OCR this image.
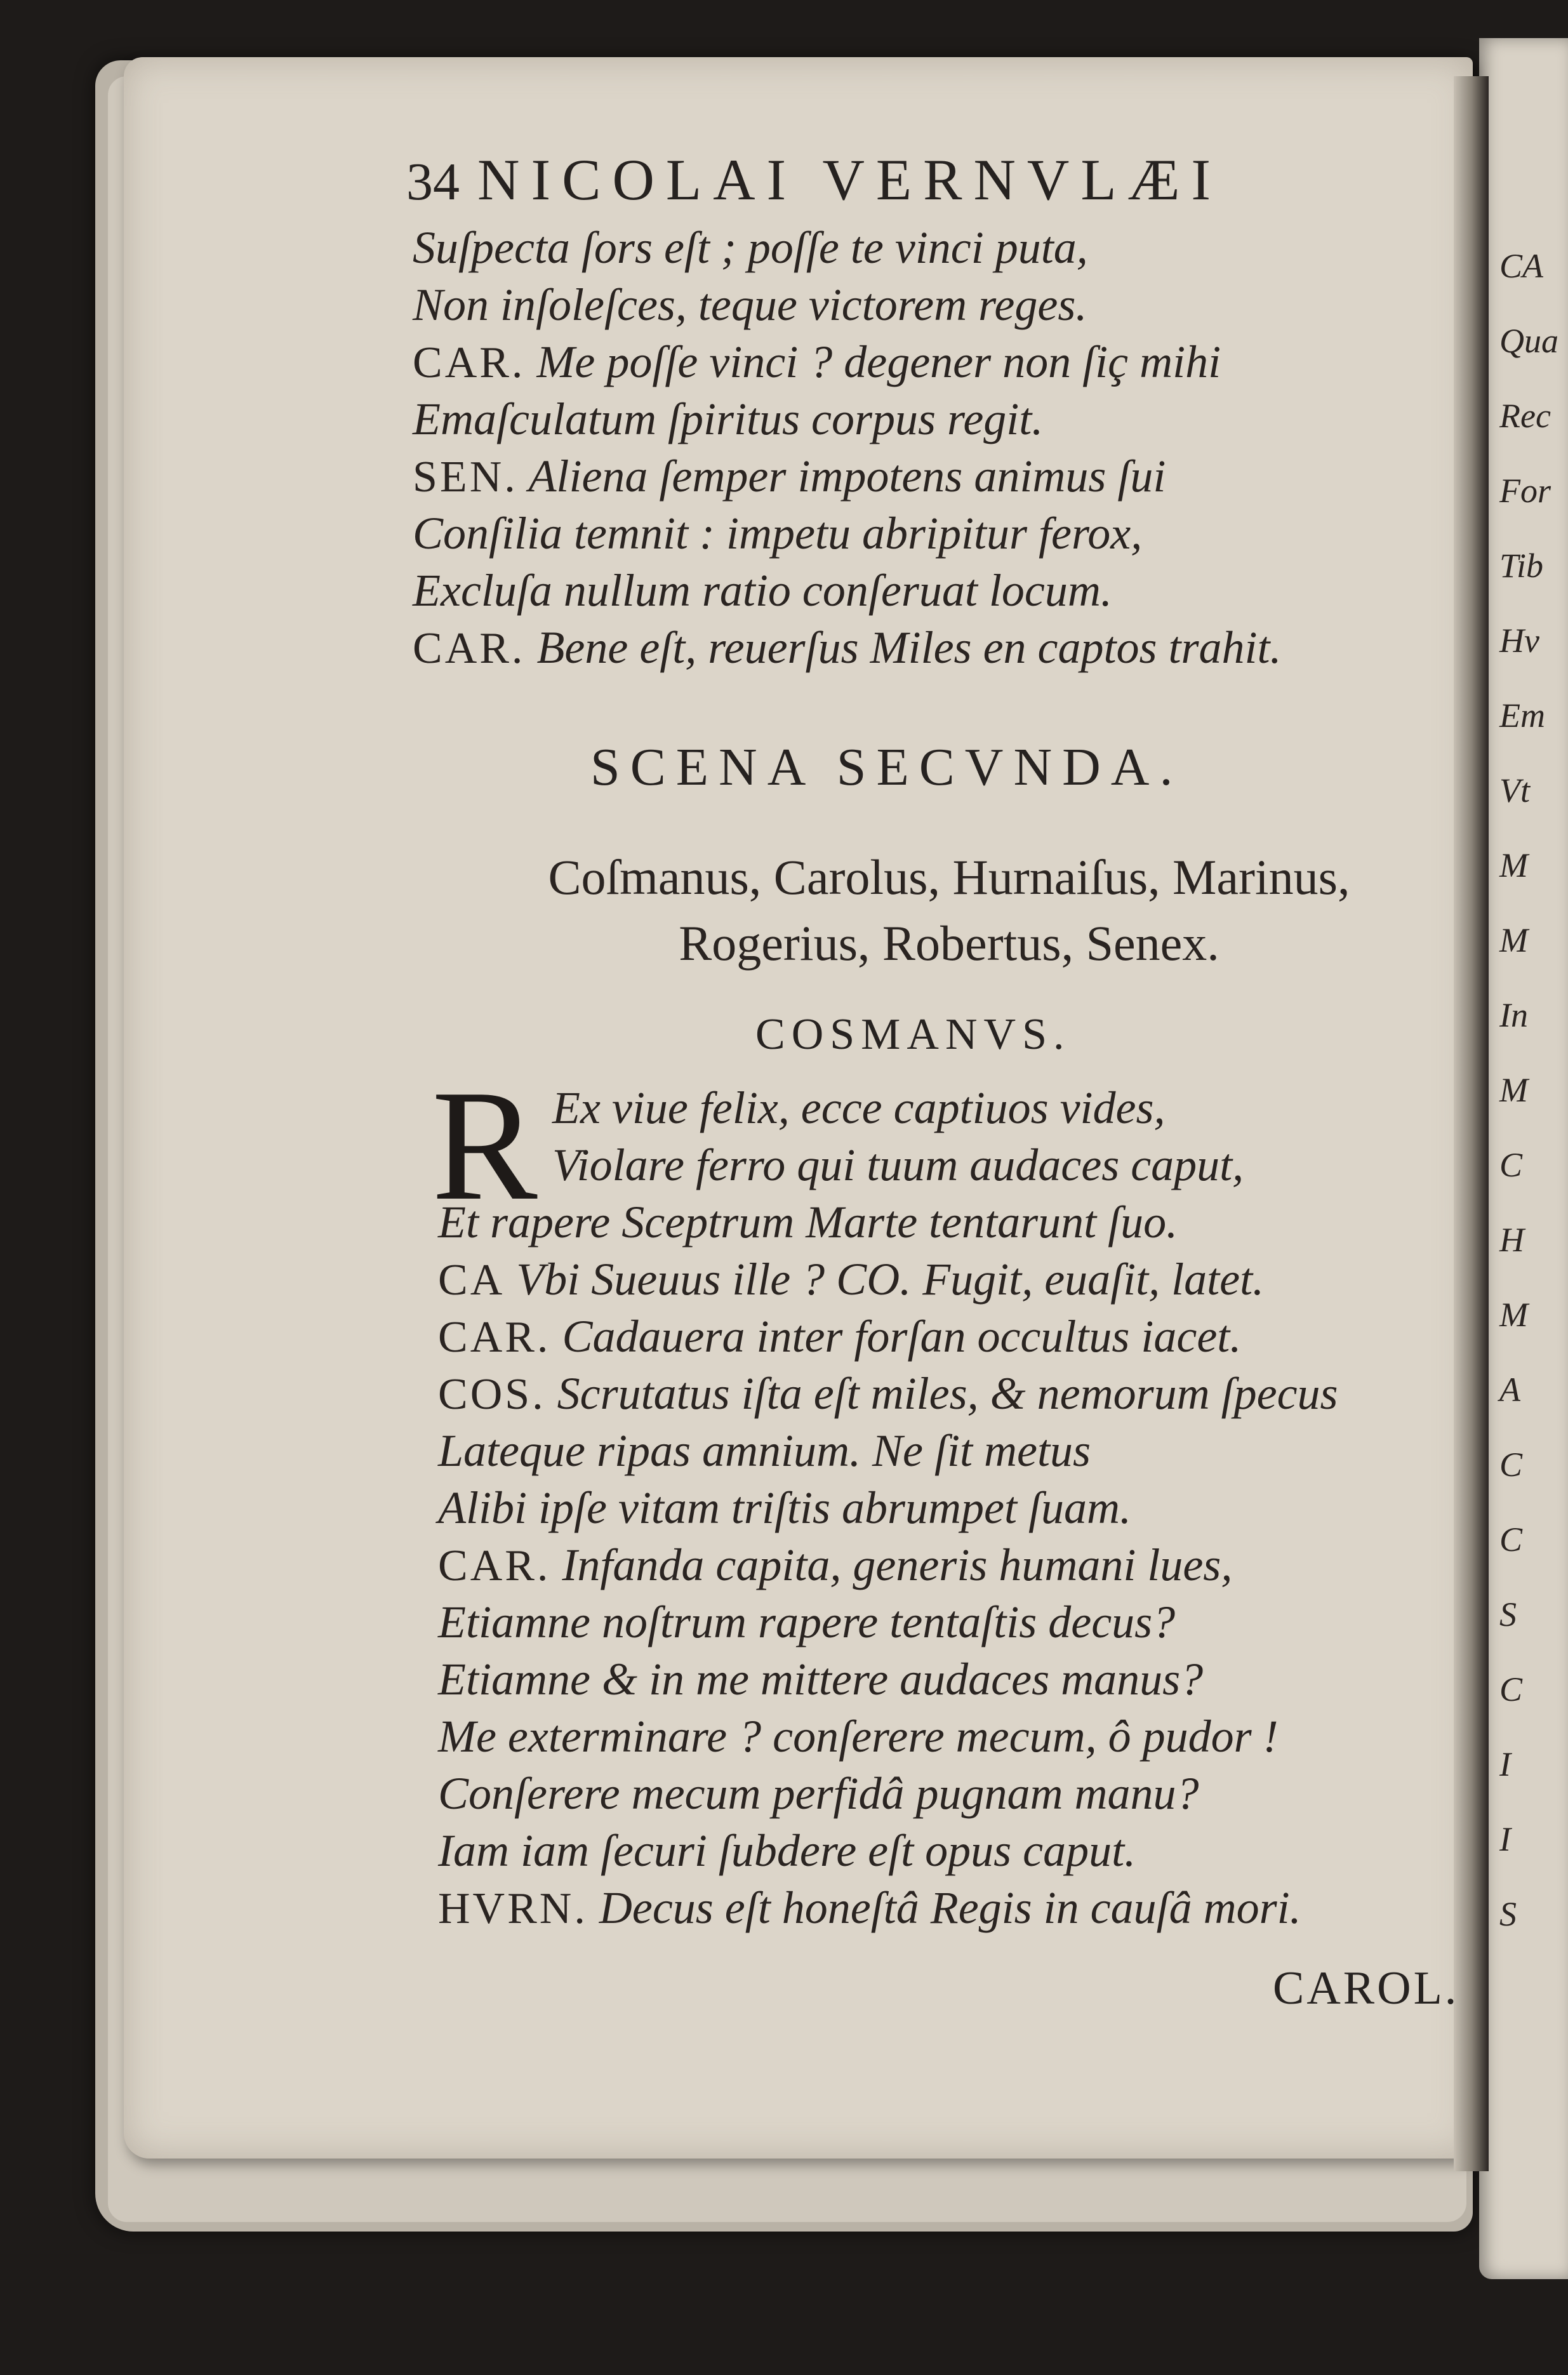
CA
Qua
Rec
For
Tib
Hv
Em
Vt
M
M
In
M
C
H
M
A
C
C
S
C
I
I
S
34 NICOLAI VERNVLÆI
Suſpecta ſors eſt ; poſſe te vinci puta,
Non inſoleſces, teque victorem reges.
CAR. Me poſſe vinci ? degener non ſiç mihi
Emaſculatum ſpiritus corpus regit.
SEN. Aliena ſemper impotens animus ſui
Conſilia temnit : impetu abripitur ferox,
Excluſa nullum ratio conſeruat locum.
CAR. Bene eſt, reuerſus Miles en captos trahit.
SCENA SECVNDA.
Coſmanus, Carolus, Hurnaiſus, Marinus,
Rogerius, Robertus, Senex.
COSMANVS.
R Ex viue felix, ecce captiuos vides,
Violare ferro qui tuum audaces caput,
Et rapere Sceptrum Marte tentarunt ſuo.
CA Vbi Sueuus ille ? CO. Fugit, euaſit, latet.
CAR. Cadauera inter forſan occultus iacet.
COS. Scrutatus iſta eſt miles, & nemorum ſpecus
Lateque ripas amnium. Ne ſit metus
Alibi ipſe vitam triſtis abrumpet ſuam.
CAR. Infanda capita, generis humani lues,
Etiamne noſtrum rapere tentaſtis decus?
Etiamne & in me mittere audaces manus?
Me exterminare ? conſerere mecum, ô pudor !
Conſerere mecum perfidâ pugnam manu?
Iam iam ſecuri ſubdere eſt opus caput.
HVRN. Decus eſt honeſtâ Regis in cauſâ mori.
CAROL.
